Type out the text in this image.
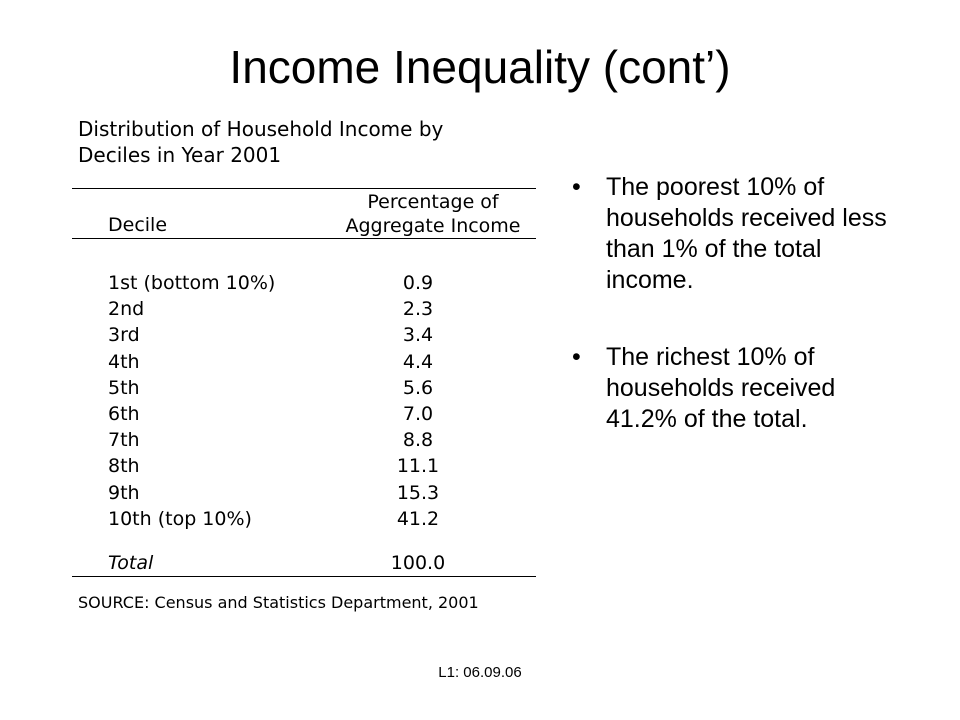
Income Inequality (cont’)
Distribution of Household Income by
Deciles in Year 2001
Decile
Percentage of
Aggregate Income
1st (bottom 10%)	0.9
2nd	2.3
3rd	3.4
4th	4.4
5th	5.6
6th	7.0
7th	8.8
8th	11.1
9th	15.3
10th (top 10%)	41.2
Total	100.0
SOURCE: Census and Statistics Department, 2001
• The poorest 10% of households received less than 1% of the total income.
• The richest 10% of households received 41.2% of the total.
L1: 06.09.06
